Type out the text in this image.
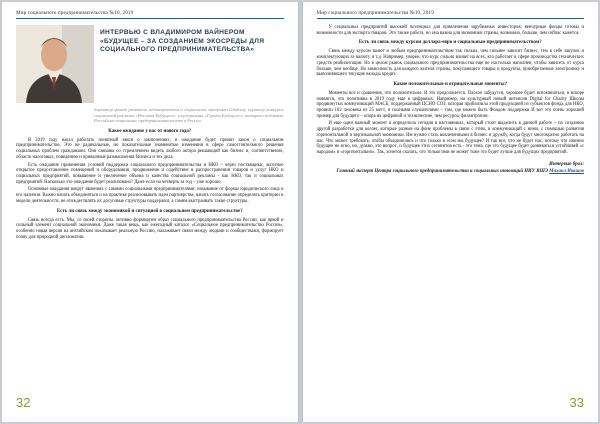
Мир социального предпринимательства №10, 2019
ИНТЕРВЬЮ С ВЛАДИМИРОМ ВАЙНЕРОМ «БУДУЩЕЕ – ЗА СОЗДАНИЕМ ЭКОСРЕДЫ ДЛЯ СОЦИАЛЬНОГО ПРЕДПРИНИМАТЕЛЬСТВА»

директор фонда развития медиапроектов и социальных программ Gladway, куратор конкурса социальной рекламы «Реклама Будущего» и программы «Города Будущего», которая соединяет Российско-социальное предпринимательство в России

Какое ожидание у вас от нового года?

В 2019 году начал работать понятный закон о заключениях, и ожидание будет принят закон о социальном предпринимательстве. Это не радикальные, но показательные знаменитые изменения в сфере самостоятельного решения социальных проблем гражданами. Они связаны со стремлением видеть любого актора решающий как бизнес и, соответственно, область налоговых, поведению и привычные размышления бизнеса и тех дела.

Есть ожидание применения условий поддержки социального предпринимательства и НКО – через поставщики, льготное открытое предоставление помещений и оборудования, продвижение и содействие в распространении товаров и услуг НКО и социальных предприятий, повышение и увеличение объема и качества социальной рекламы - как НКО, так и социальных предприятий. Насколько это ожидание будет реализовано? Даже если на четверть за год – уже хорошо.

Основные ожидания вокруг явлениях с самими социальными предпринимателями: называние от формы юридического лица и его наличия. Важно начать объединяться и на практике реализовывать идеи партнерства, начать согласование определять критерии и модели деятельности, не отождествлять их досуговые структуры поддержки, а самим выстраивать такие структуры.

Есть ли связь между экономикой и ситуацией в социальном предпринимательстве?

Связь всегда есть. Мы, со своей стороны, активно формируем образ социального предпринимательства России, как яркой и сильный элемент социальной экономики. Даже такая вещь, как ежегодный каталог «Социальное предпринимательство России», особенно новая версия на английском показывает реальную Россию, налаживает связи между людьми и сообществами, формирует почву для природной дипломатии.

32
Мир социального предпринимательства №10, 2019

У социальных предприятий высокий потенциал для привлечения зарубежных инвесторов; венчурные фонды готовы и возможности для экспорта товаров. Это также работа, но она важна для экономики страны, возможно, больше, чем сейчас кажется.

Есть ли связь между курсом доллара-евро и социальным предпринимательством?

Связь между курсом валют и любым предпринимательством так сильна, чем сильнее зависит бизнес, тем в себе закупок и комплектующих за валюту и т.д. Например, уверен, что курс сильно влияет на всех, кто работает в сфере производства технических средств реабилитации. Но в целом рынок социального предпринимательства еще не настолько наполнен, чтобы зависеть от курса больше, чем вообще. Но зависимость для каждого жителя страны, покупающего товары и продукты, приобретаемые электронику и выполняющего текущие вклады кредит.

Какие положительные и отрицательные моменты?

Моменты все и сравнения, что положительно. И это продолжается. Плохое забудутся, хорошее будет вспоминаться, и вскоре появятся, что позитивна в 2019 году еще в цифровых. Например, на культурный новый интенсив Digital for Charity Школы продвинутых коммуникаций МАСБ, поддержанный ЦСНО СОЗ, которая приблизила этой продукцией из субъектов фонда для НКО, провели 102 человека из 25 мест, и полными слушателями – там, где можно быть Фондом поддержки И вот это очень хороший пример для будущего – опора на цифровой и технические, чем ресурсы филантропии.

И еще один важный момент я определила сегодня в наставниках, который стоит выделить в данной работе – по созданию другой разработки для коллег, которые разные на фоне проблемы в связи с этим, и коммуникаций с ними, с помощью развития горизонтальной и вертикальной экономики. Им нужно стать вовлеченными в бизнес и дружбу, когда будут многократно работать на нас. Что может требовать, чтобы объединились и что только в этом мы будущее? И так все, что не будет нас, потому что именно будущее не ясно, но, думаю, это вопрос, и будущее этих сегментов есть - это тема, где это будущее будет развиваться устойчивей «с народом» и «горизонтально». Так, хочется сказать, что только ими не может тоже это будет лучше для будущих предприятий.

Интервью брал:
Главный эксперт Центра социального предпринимательства и социальных инноваций НИУ ВШЭ Михаил Ивашов
33
